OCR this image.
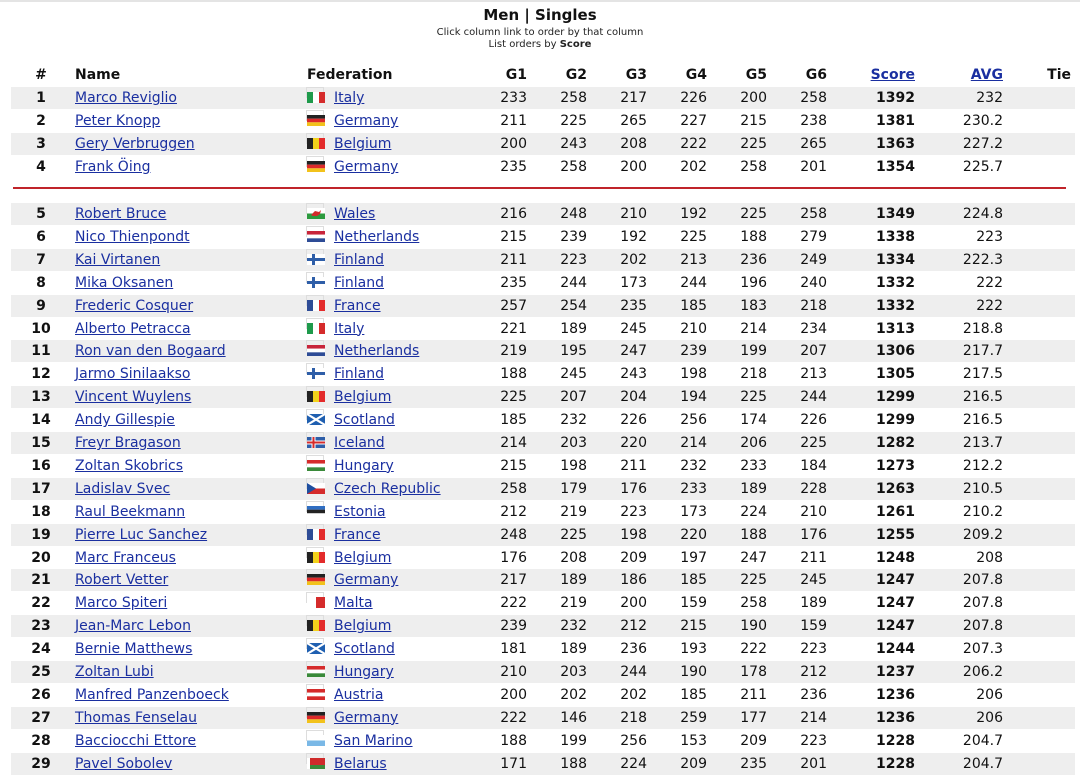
Men | Singles
Click column link to order by that column
List orders by Score
#	Name	Federation	G1	G2	G3	G4	G5	G6	Score	AVG	Tie
1	Marco Reviglio	Italy	233	258	217	226	200	258	1392	232
2	Peter Knopp	Germany	211	225	265	227	215	238	1381	230.2
3	Gery Verbruggen	Belgium	200	243	208	222	225	265	1363	227.2
4	Frank Öing	Germany	235	258	200	202	258	201	1354	225.7
5	Robert Bruce	Wales	216	248	210	192	225	258	1349	224.8
6	Nico Thienpondt	Netherlands	215	239	192	225	188	279	1338	223
7	Kai Virtanen	Finland	211	223	202	213	236	249	1334	222.3
8	Mika Oksanen	Finland	235	244	173	244	196	240	1332	222
9	Frederic Cosquer	France	257	254	235	185	183	218	1332	222
10	Alberto Petracca	Italy	221	189	245	210	214	234	1313	218.8
11	Ron van den Bogaard	Netherlands	219	195	247	239	199	207	1306	217.7
12	Jarmo Sinilaakso	Finland	188	245	243	198	218	213	1305	217.5
13	Vincent Wuylens	Belgium	225	207	204	194	225	244	1299	216.5
14	Andy Gillespie	Scotland	185	232	226	256	174	226	1299	216.5
15	Freyr Bragason	Iceland	214	203	220	214	206	225	1282	213.7
16	Zoltan Skobrics	Hungary	215	198	211	232	233	184	1273	212.2
17	Ladislav Svec	Czech Republic	258	179	176	233	189	228	1263	210.5
18	Raul Beekmann	Estonia	212	219	223	173	224	210	1261	210.2
19	Pierre Luc Sanchez	France	248	225	198	220	188	176	1255	209.2
20	Marc Franceus	Belgium	176	208	209	197	247	211	1248	208
21	Robert Vetter	Germany	217	189	186	185	225	245	1247	207.8
22	Marco Spiteri	Malta	222	219	200	159	258	189	1247	207.8
23	Jean-Marc Lebon	Belgium	239	232	212	215	190	159	1247	207.8
24	Bernie Matthews	Scotland	181	189	236	193	222	223	1244	207.3
25	Zoltan Lubi	Hungary	210	203	244	190	178	212	1237	206.2
26	Manfred Panzenboeck	Austria	200	202	202	185	211	236	1236	206
27	Thomas Fenselau	Germany	222	146	218	259	177	214	1236	206
28	Bacciocchi Ettore	San Marino	188	199	256	153	209	223	1228	204.7
29	Pavel Sobolev	Belarus	171	188	224	209	235	201	1228	204.7
